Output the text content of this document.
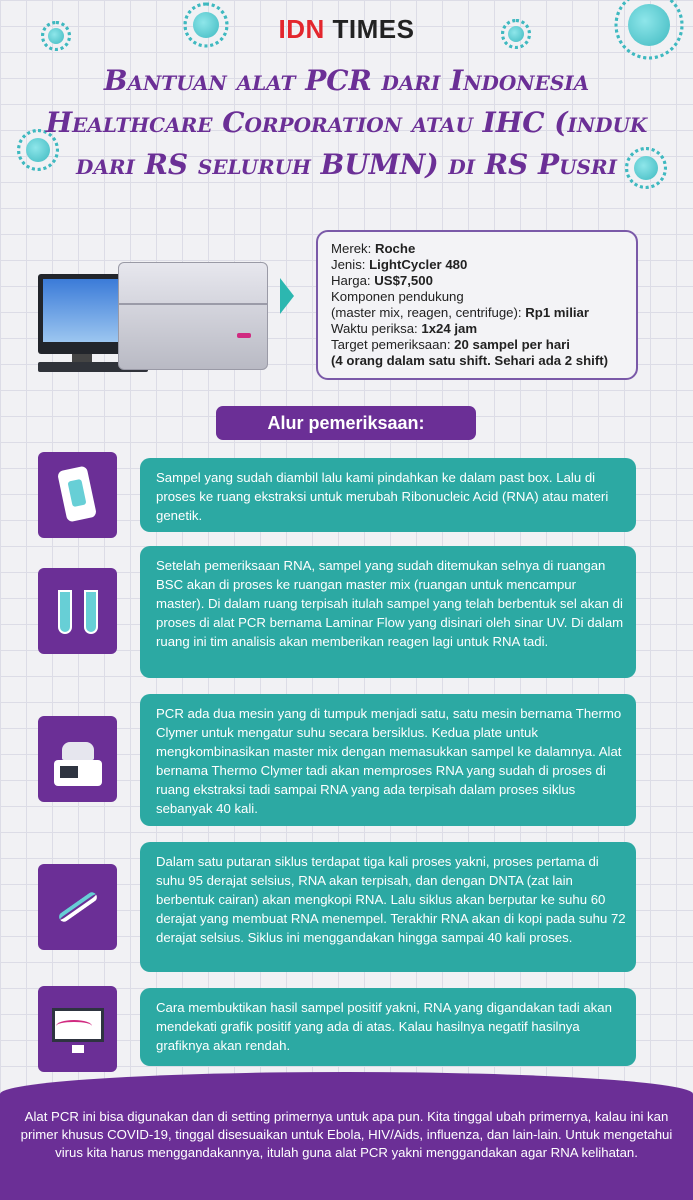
IDN TIMES
Bantuan alat PCR dari Indonesia Healthcare Corporation atau IHC (induk dari RS seluruh BUMN) di RS Pusri
Merek: Roche
Jenis: LightCycler 480
Harga: US$7,500
Komponen pendukung
(master mix, reagen, centrifuge): Rp1 miliar
Waktu periksa: 1x24 jam
Target pemeriksaan: 20 sampel per hari
(4 orang dalam satu shift. Sehari ada 2 shift)
Alur pemeriksaan:
Sampel yang sudah diambil lalu kami pindahkan ke dalam past box. Lalu di proses ke ruang ekstraksi untuk merubah Ribonucleic Acid (RNA) atau materi genetik.
Setelah pemeriksaan RNA, sampel yang sudah ditemukan selnya di ruangan BSC akan di proses ke ruangan master mix (ruangan untuk mencampur master). Di dalam ruang terpisah itulah sampel yang telah berbentuk sel akan di proses di alat PCR bernama Laminar Flow yang disinari oleh sinar UV. Di dalam ruang ini tim analisis akan memberikan reagen lagi untuk RNA tadi.
PCR ada dua mesin yang di tumpuk menjadi satu, satu mesin bernama Thermo Clymer untuk mengatur suhu secara bersiklus. Kedua plate untuk mengkombinasikan master mix dengan memasukkan sampel ke dalamnya. Alat bernama Thermo Clymer tadi akan memproses RNA yang sudah di proses di ruang ekstraksi tadi sampai RNA yang ada terpisah dalam proses siklus sebanyak 40 kali.
Dalam satu putaran siklus terdapat tiga kali proses yakni, proses pertama di suhu 95 derajat selsius, RNA akan terpisah, dan dengan DNTA (zat lain berbentuk cairan) akan mengkopi RNA. Lalu siklus akan berputar ke suhu 60 derajat yang membuat RNA menempel. Terakhir RNA akan di kopi pada suhu 72 derajat selsius. Siklus ini menggandakan hingga sampai 40 kali proses.
Cara membuktikan hasil sampel positif yakni, RNA yang digandakan tadi akan mendekati grafik positif yang ada di atas. Kalau hasilnya negatif hasilnya grafiknya akan rendah.
Alat PCR ini bisa digunakan dan di setting primernya untuk apa pun. Kita tinggal ubah primernya, kalau ini kan primer khusus COVID-19, tinggal disesuaikan untuk Ebola, HIV/Aids, influenza, dan lain-lain. Untuk mengetahui virus kita harus menggandakannya, itulah guna alat PCR yakni menggandakan agar RNA kelihatan.
